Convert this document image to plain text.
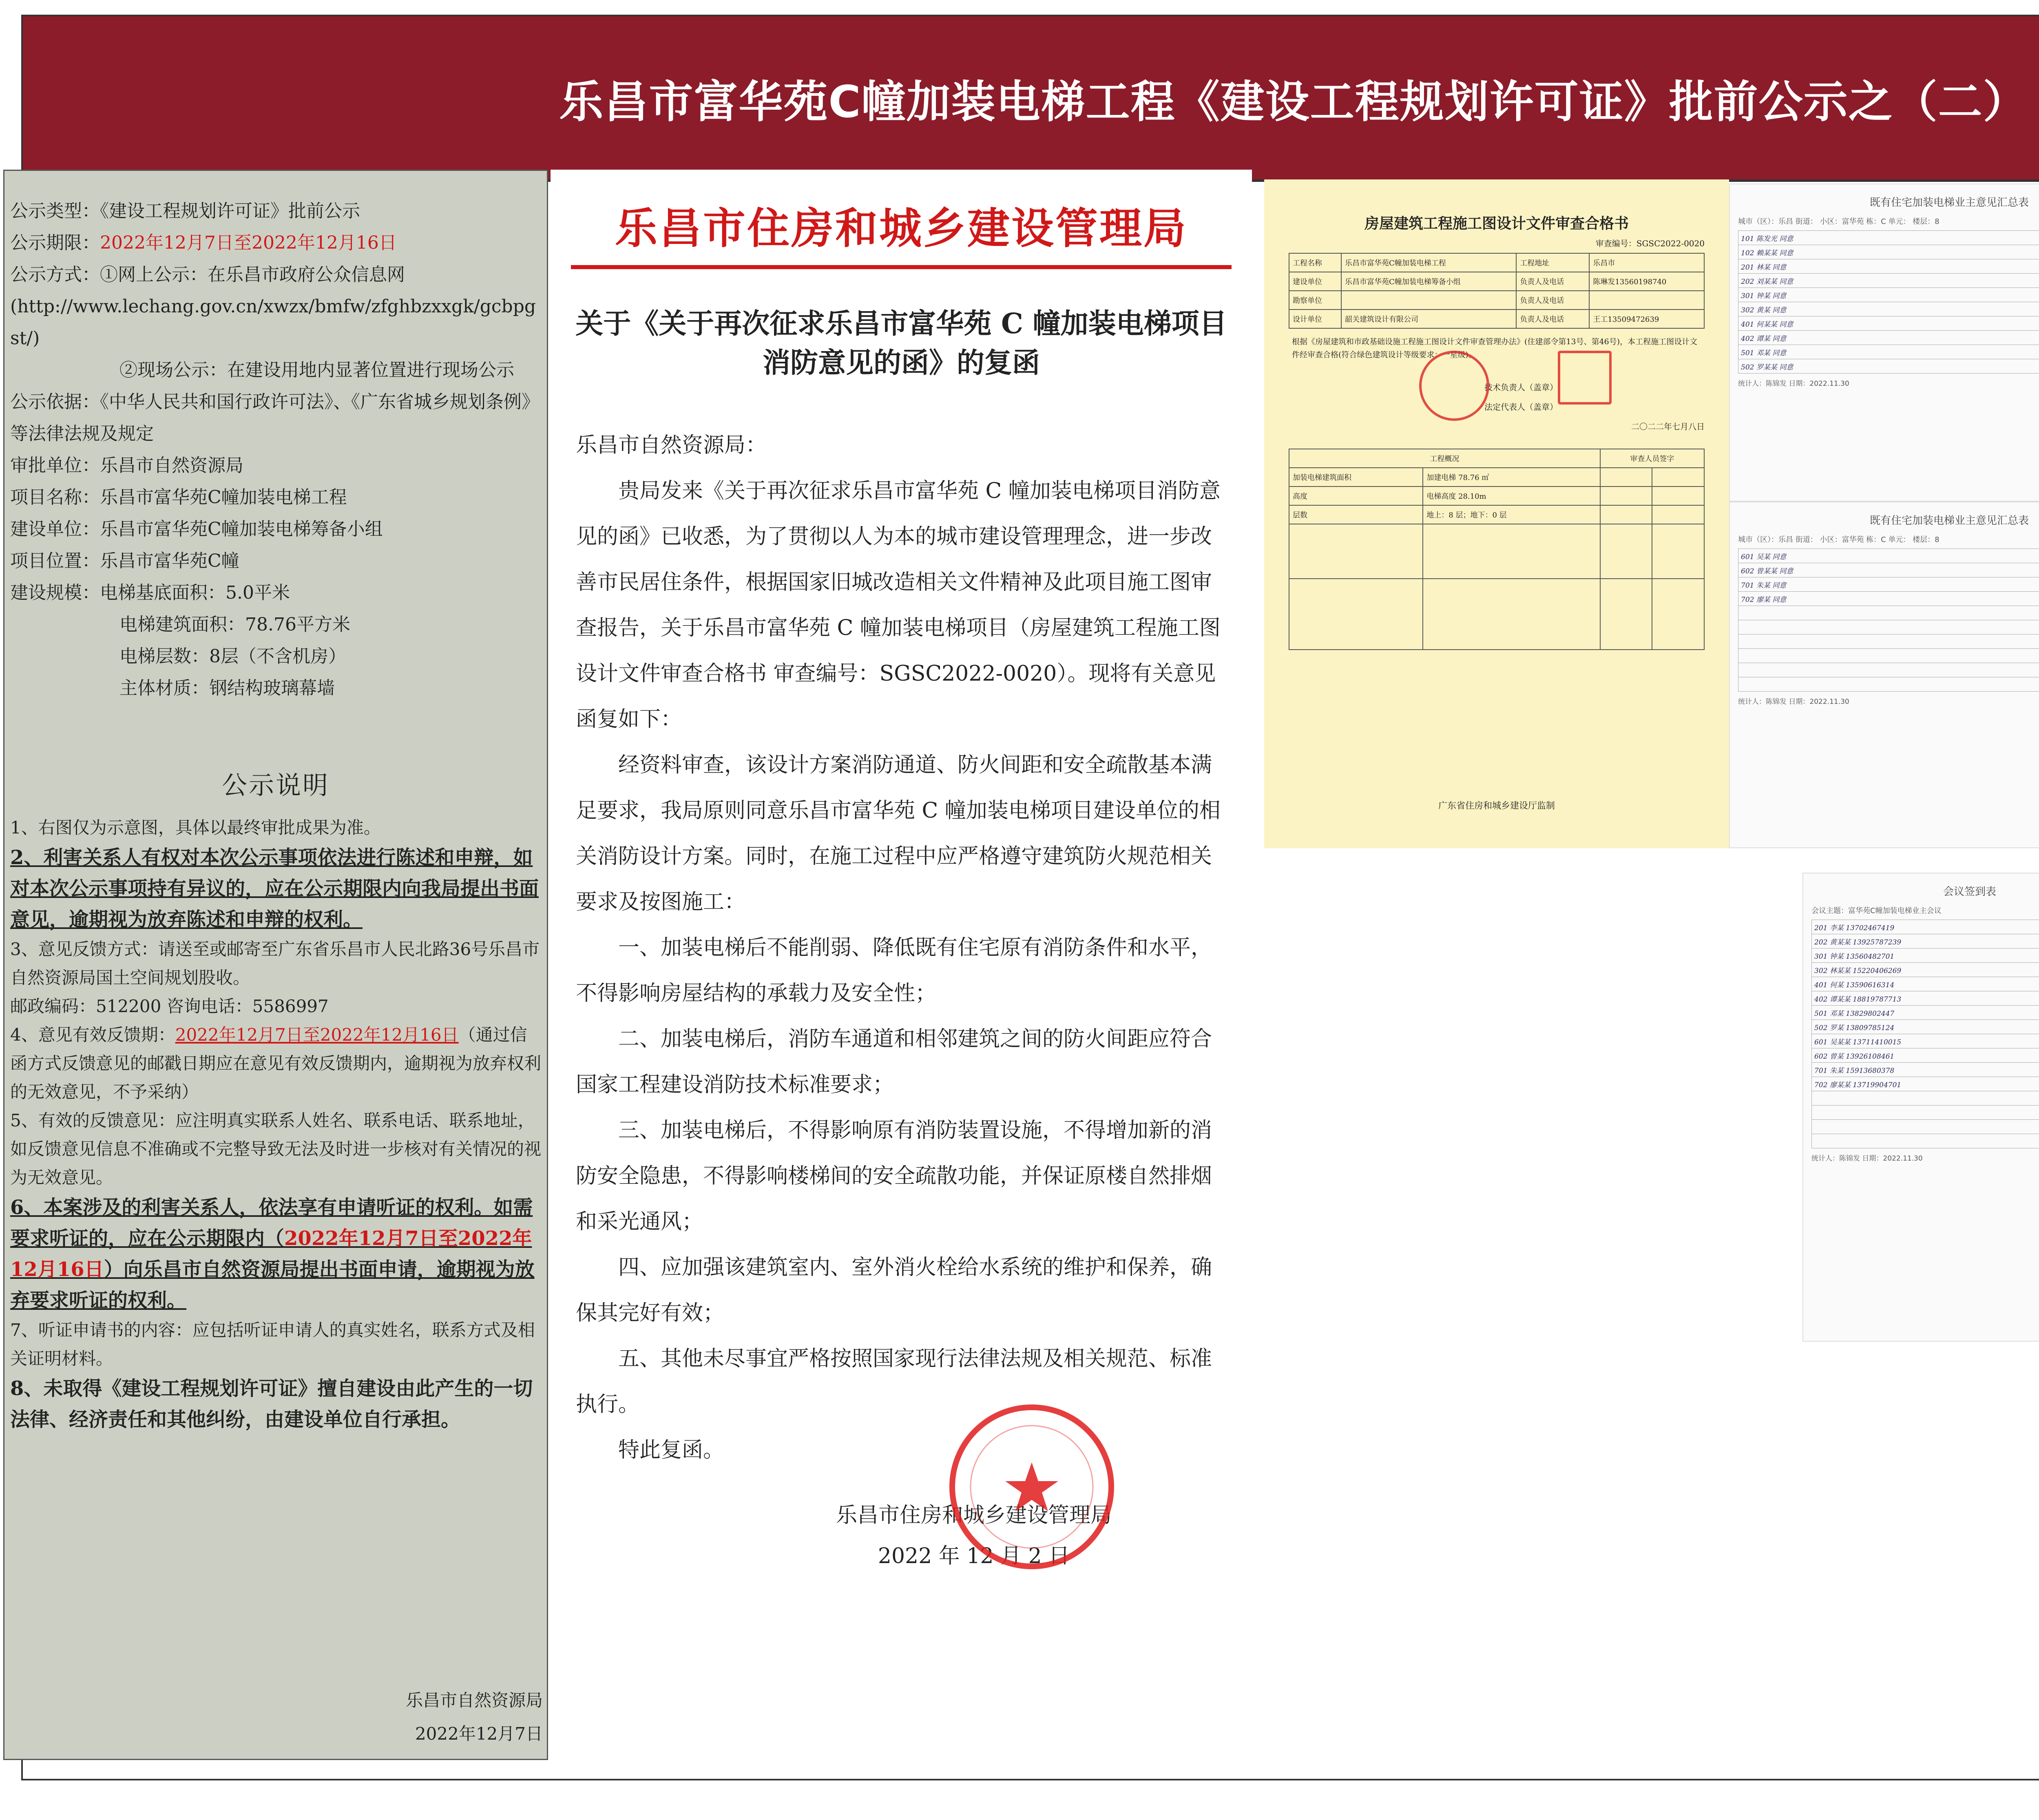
乐昌市富华苑C幢加装电梯工程《建设工程规划许可证》批前公示之（二）
公示类型：《建设工程规划许可证》批前公示
公示期限：2022年12月7日至2022年12月16日
公示方式：①网上公示：在乐昌市政府公众信息网
(http://www.lechang.gov.cn/xwzx/bmfw/zfghbzxxgk/gcbpgst/)
②现场公示：在建设用地内显著位置进行现场公示
公示依据：《中华人民共和国行政许可法》、《广东省城乡规划条例》等法律法规及规定
审批单位：乐昌市自然资源局
项目名称：乐昌市富华苑C幢加装电梯工程
建设单位：乐昌市富华苑C幢加装电梯筹备小组
项目位置：乐昌市富华苑C幢
建设规模：电梯基底面积：5.0平米
电梯建筑面积：78.76平方米
电梯层数：8层（不含机房）
主体材质：钢结构玻璃幕墙
公示说明
1、右图仅为示意图，具体以最终审批成果为准。
2、利害关系人有权对本次公示事项依法进行陈述和申辩，如对本次公示事项持有异议的，应在公示期限内向我局提出书面意见，逾期视为放弃陈述和申辩的权利。
3、意见反馈方式：请送至或邮寄至广东省乐昌市人民北路36号乐昌市自然资源局国土空间规划股收。
邮政编码：512200 咨询电话：5586997
4、意见有效反馈期：2022年12月7日至2022年12月16日（通过信函方式反馈意见的邮戳日期应在意见有效反馈期内，逾期视为放弃权利的无效意见，不予采纳）
5、有效的反馈意见：应注明真实联系人姓名、联系电话、联系地址，如反馈意见信息不准确或不完整导致无法及时进一步核对有关情况的视为无效意见。
6、本案涉及的利害关系人，依法享有申请听证的权利。如需要求听证的，应在公示期限内（2022年12月7日至2022年12月16日）向乐昌市自然资源局提出书面申请，逾期视为放弃要求听证的权利。
7、听证申请书的内容：应包括听证申请人的真实姓名，联系方式及相关证明材料。
8、未取得《建设工程规划许可证》擅自建设由此产生的一切法律、经济责任和其他纠纷，由建设单位自行承担。
乐昌市自然资源局
2022年12月7日
乐昌市住房和城乡建设管理局
关于《关于再次征求乐昌市富华苑 C 幢加装电梯项目消防意见的函》的复函

乐昌市自然资源局：

贵局发来《关于再次征求乐昌市富华苑 C 幢加装电梯项目消防意见的函》已收悉，为了贯彻以人为本的城市建设管理理念，进一步改善市民居住条件，根据国家旧城改造相关文件精神及此项目施工图审查报告，关于乐昌市富华苑 C 幢加装电梯项目（房屋建筑工程施工图设计文件审查合格书 审查编号：SGSC2022-0020）。现将有关意见函复如下：

经资料审查，该设计方案消防通道、防火间距和安全疏散基本满足要求，我局原则同意乐昌市富华苑 C 幢加装电梯项目建设单位的相关消防设计方案。同时，在施工过程中应严格遵守建筑防火规范相关要求及按图施工：

一、加装电梯后不能削弱、降低既有住宅原有消防条件和水平，不得影响房屋结构的承载力及安全性；

二、加装电梯后，消防车通道和相邻建筑之间的防火间距应符合国家工程建设消防技术标准要求；

三、加装电梯后，不得影响原有消防装置设施，不得增加新的消防安全隐患，不得影响楼梯间的安全疏散功能，并保证原楼自然排烟和采光通风；

四、应加强该建筑室内、室外消火栓给水系统的维护和保养，确保其完好有效；

五、其他未尽事宜严格按照国家现行法律法规及相关规范、标准执行。

特此复函。

乐昌市住房和城乡建设管理局
2022 年 12 月 2 日
房屋建筑工程施工图设计文件审查合格书
审查编号：SGSC2022-0020
工程名称	乐昌市富华苑C幢加装电梯工程	工程地址	乐昌市
建设单位	乐昌市富华苑C幢加装电梯筹备小组	负责人及电话	陈琳发13560198740
勘察单位		负责人及电话	
设计单位	韶关建筑设计有限公司	负责人及电话	王工13509472639
根据《房屋建筑和市政基础设施工程施工图设计文件审查管理办法》(住建部令第13号、第46号)，本工程施工图设计文件经审查合格(符合绿色建筑设计等级要求：一星级)。
技术负责人（盖章）
法定代表人（盖章）
二〇二二年七月八日
工程概况		审查人员签字	
加装电梯建筑面积	加建电梯 78.76 ㎡		
高度	电梯高度 28.10m		
层数	地上：8 层；地下：0 层		

广东省住房和城乡建设厅监制
既有住宅加装电梯业主意见汇总表
城市（区）：乐昌 街道： 小区：富华苑 栋：C 单元： 楼层：8
101 陈发光 同意	
102 赖某某 同意	
201 林某 同意	
202 刘某某 同意	
301 钟某 同意	
302 黄某 同意	
401 何某某 同意	
402 谭某 同意	
501 邓某 同意	
502 罗某某 同意	
统计人：陈锦发 日期：2022.11.30
既有住宅加装电梯业主意见汇总表
城市（区）：乐昌 街道： 小区：富华苑 栋：C 单元： 楼层：8
601 吴某 同意	
602 曾某某 同意	
701 朱某 同意	
702 廖某 同意	

统计人：陈锦发 日期：2022.11.30
会议签到表
会议主题：富华苑C幢加装电梯业主会议
201 李某 13702467419
202 黄某某 13925787239
301 钟某 13560482701
302 林某某 15220406269
401 何某 13590616314
402 谭某某 18819787713
501 邓某 13829802447
502 罗某 13809785124
601 吴某某 13711410015
602 曾某 13926108461
701 朱某 15913680378
702 廖某某 13719904701

统计人：陈锦发 日期：2022.11.30
